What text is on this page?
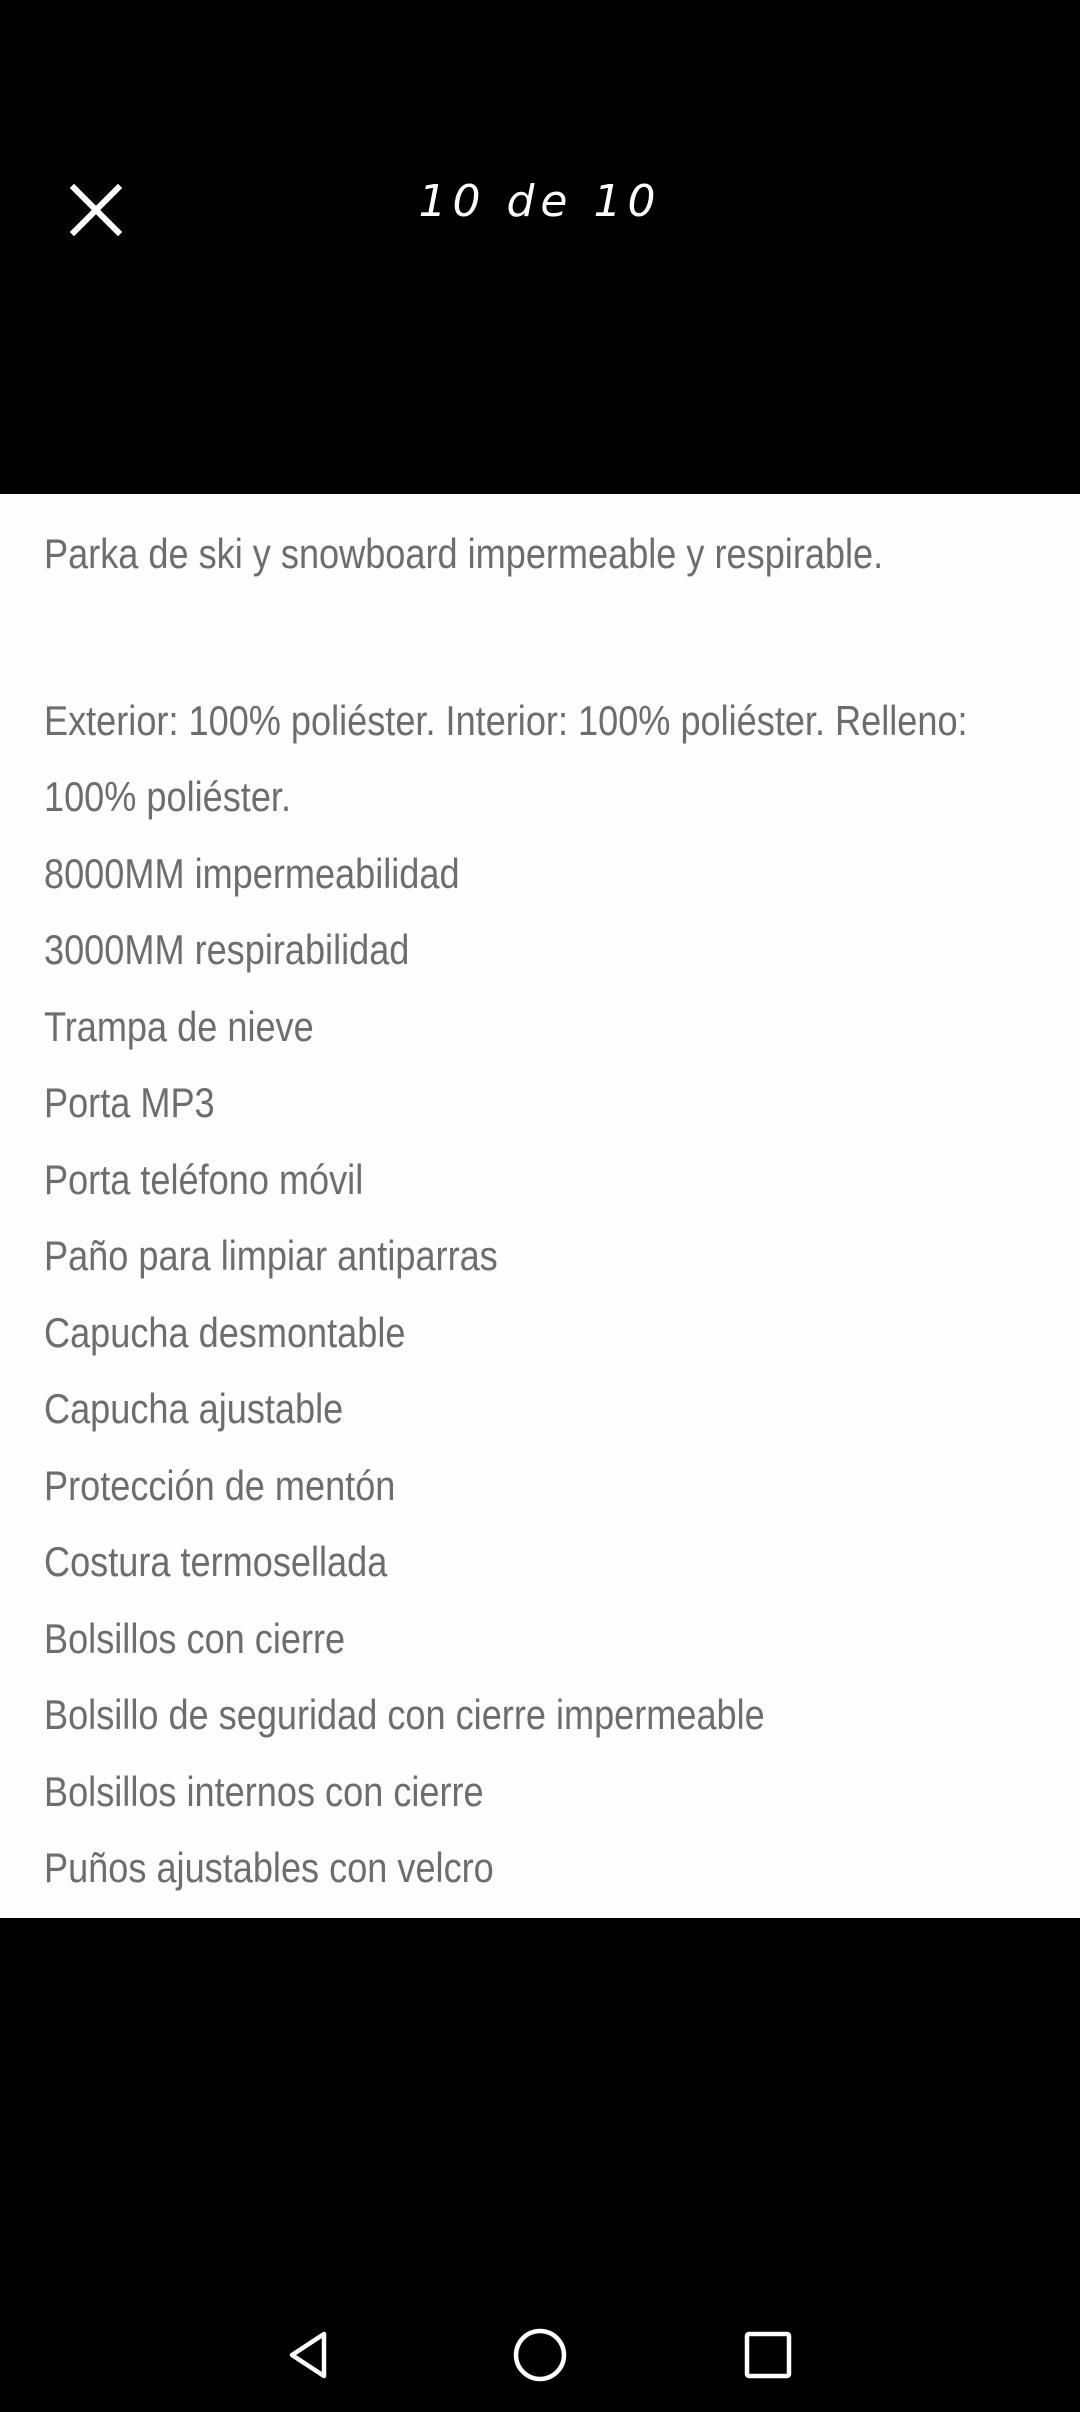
10 de 10
Parka de ski y snowboard impermeable y respirable.
Exterior: 100% poliéster. Interior: 100% poliéster. Relleno:
100% poliéster.
8000MM impermeabilidad
3000MM respirabilidad
Trampa de nieve
Porta MP3
Porta teléfono móvil
Paño para limpiar antiparras
Capucha desmontable
Capucha ajustable
Protección de mentón
Costura termosellada
Bolsillos con cierre
Bolsillo de seguridad con cierre impermeable
Bolsillos internos con cierre
Puños ajustables con velcro
